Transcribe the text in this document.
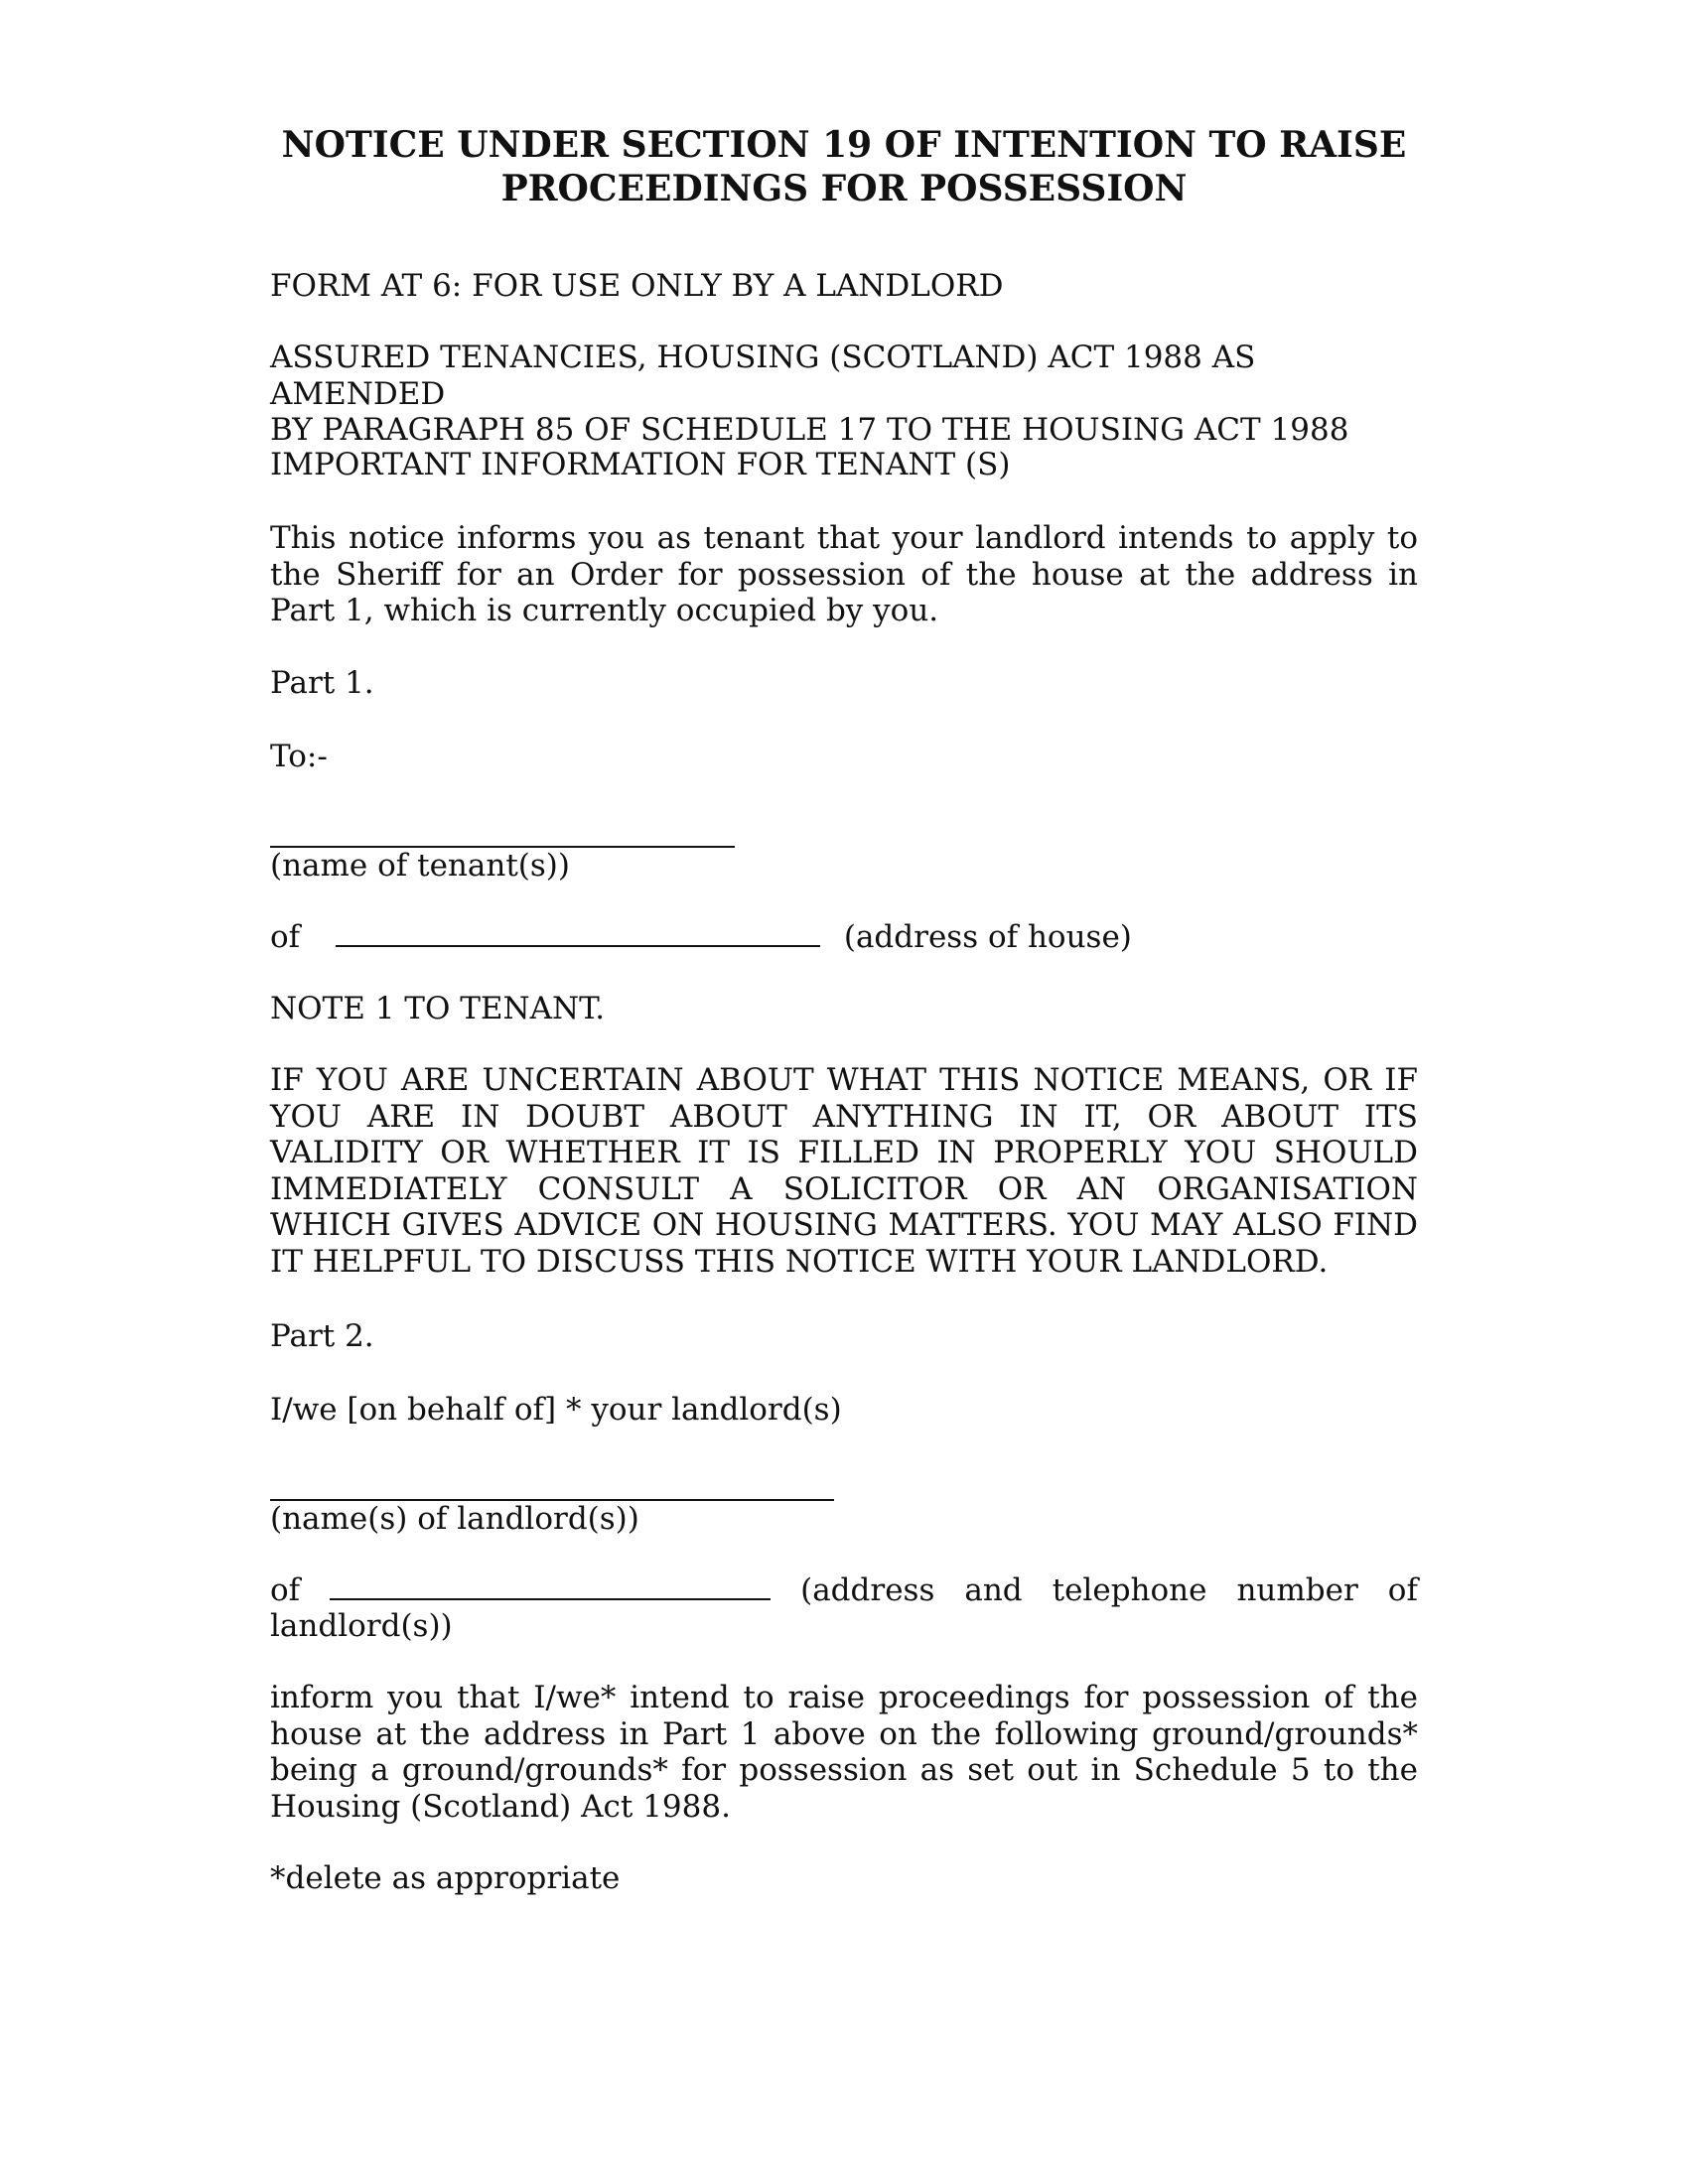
NOTICE UNDER SECTION 19 OF INTENTION TO RAISE
PROCEEDINGS FOR POSSESSION

FORM AT 6: FOR USE ONLY BY A LANDLORD

ASSURED TENANCIES, HOUSING (SCOTLAND) ACT 1988 AS AMENDED
BY PARAGRAPH 85 OF SCHEDULE 17 TO THE HOUSING ACT 1988

IMPORTANT INFORMATION FOR TENANT (S)

This notice informs you as tenant that your landlord intends to apply to the Sheriff for an Order for possession of the house at the address in Part 1, which is currently occupied by you.

Part 1.

To:-

(name of tenant(s))

of	(address of house)

NOTE 1 TO TENANT.

IF YOU ARE UNCERTAIN ABOUT WHAT THIS NOTICE MEANS, OR IF YOU ARE IN DOUBT ABOUT ANYTHING IN IT, OR ABOUT ITS VALIDITY OR WHETHER IT IS FILLED IN PROPERLY YOU SHOULD IMMEDIATELY CONSULT A SOLICITOR OR AN ORGANISATION WHICH GIVES ADVICE ON HOUSING MATTERS. YOU MAY ALSO FIND IT HELPFUL TO DISCUSS THIS NOTICE WITH YOUR LANDLORD.

Part 2.

I/we [on behalf of] * your landlord(s)

(name(s) of landlord(s))

of	(address and telephone number of

landlord(s))

inform you that I/we* intend to raise proceedings for possession of the house at the address in Part 1 above on the following ground/grounds* being a ground/grounds* for possession as set out in Schedule 5 to the Housing (Scotland) Act 1988.

*delete as appropriate
